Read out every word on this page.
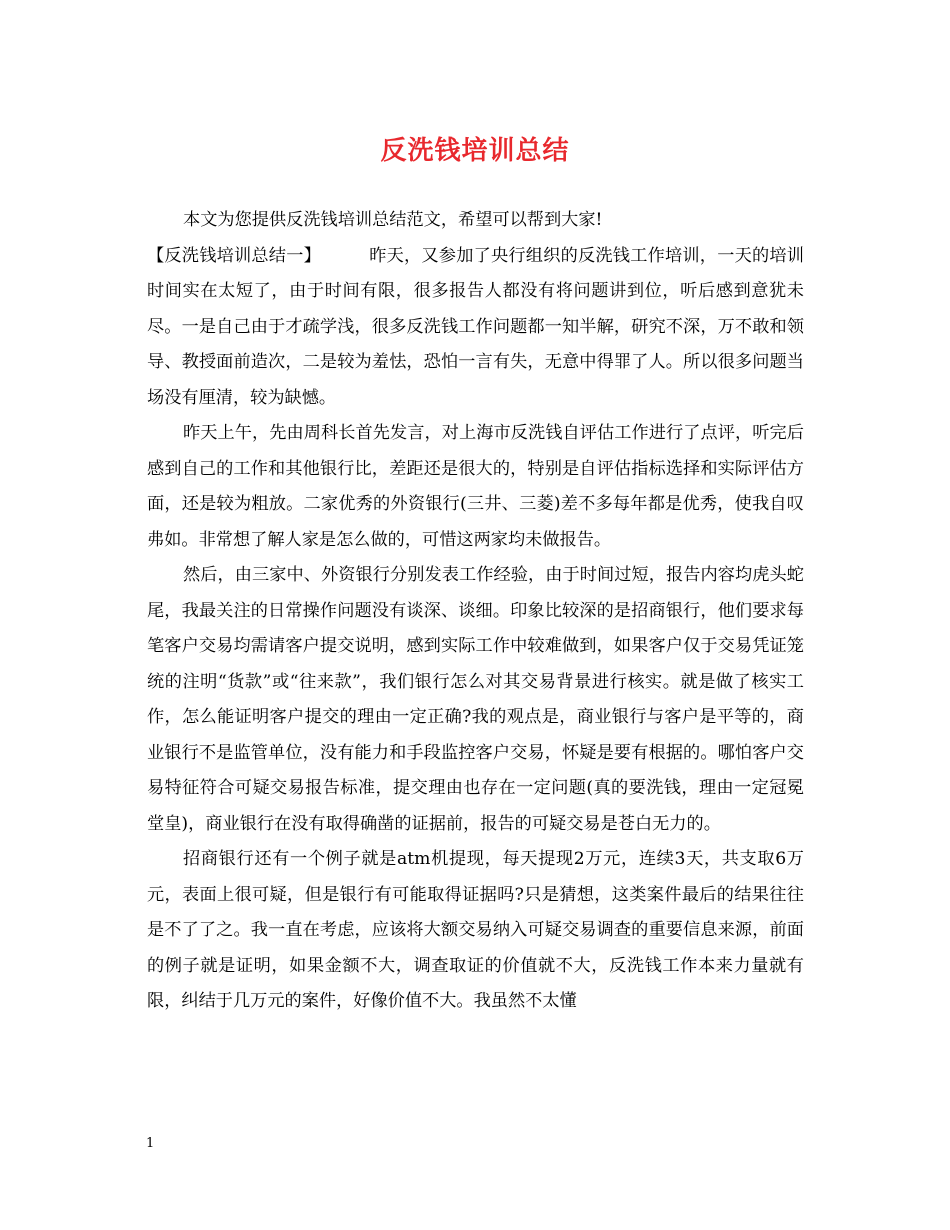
反洗钱培训总结

本文为您提供反洗钱培训总结范文，希望可以帮到大家!

【反洗钱培训总结一】	昨天，又参加了央行组织的反洗钱工作培训，一天的培训时间实在太短了，由于时间有限，很多报告人都没有将问题讲到位，听后感到意犹未尽。一是自己由于才疏学浅，很多反洗钱工作问题都一知半解，研究不深，万不敢和领导、教授面前造次，二是较为羞怯，恐怕一言有失，无意中得罪了人。所以很多问题当场没有厘清，较为缺憾。

昨天上午，先由周科长首先发言，对上海市反洗钱自评估工作进行了点评，听完后感到自己的工作和其他银行比，差距还是很大的，特别是自评估指标选择和实际评估方面，还是较为粗放。二家优秀的外资银行(三井、三菱)差不多每年都是优秀，使我自叹弗如。非常想了解人家是怎么做的，可惜这两家均未做报告。

然后，由三家中、外资银行分别发表工作经验，由于时间过短，报告内容均虎头蛇尾，我最关注的日常操作问题没有谈深、谈细。印象比较深的是招商银行，他们要求每笔客户交易均需请客户提交说明，感到实际工作中较难做到，如果客户仅于交易凭证笼统的注明“货款”或“往来款”，我们银行怎么对其交易背景进行核实。就是做了核实工作，怎么能证明客户提交的理由一定正确?我的观点是，商业银行与客户是平等的，商业银行不是监管单位，没有能力和手段监控客户交易，怀疑是要有根据的。哪怕客户交易特征符合可疑交易报告标准，提交理由也存在一定问题(真的要洗钱，理由一定冠冕堂皇)，商业银行在没有取得确凿的证据前，报告的可疑交易是苍白无力的。

招商银行还有一个例子就是atm机提现，每天提现2万元，连续3天，共支取6万元，表面上很可疑，但是银行有可能取得证据吗?只是猜想，这类案件最后的结果往往是不了了之。我一直在考虑，应该将大额交易纳入可疑交易调查的重要信息来源，前面的例子就是证明，如果金额不大，调查取证的价值就不大，反洗钱工作本来力量就有限，纠结于几万元的案件，好像价值不大。我虽然不太懂

1
